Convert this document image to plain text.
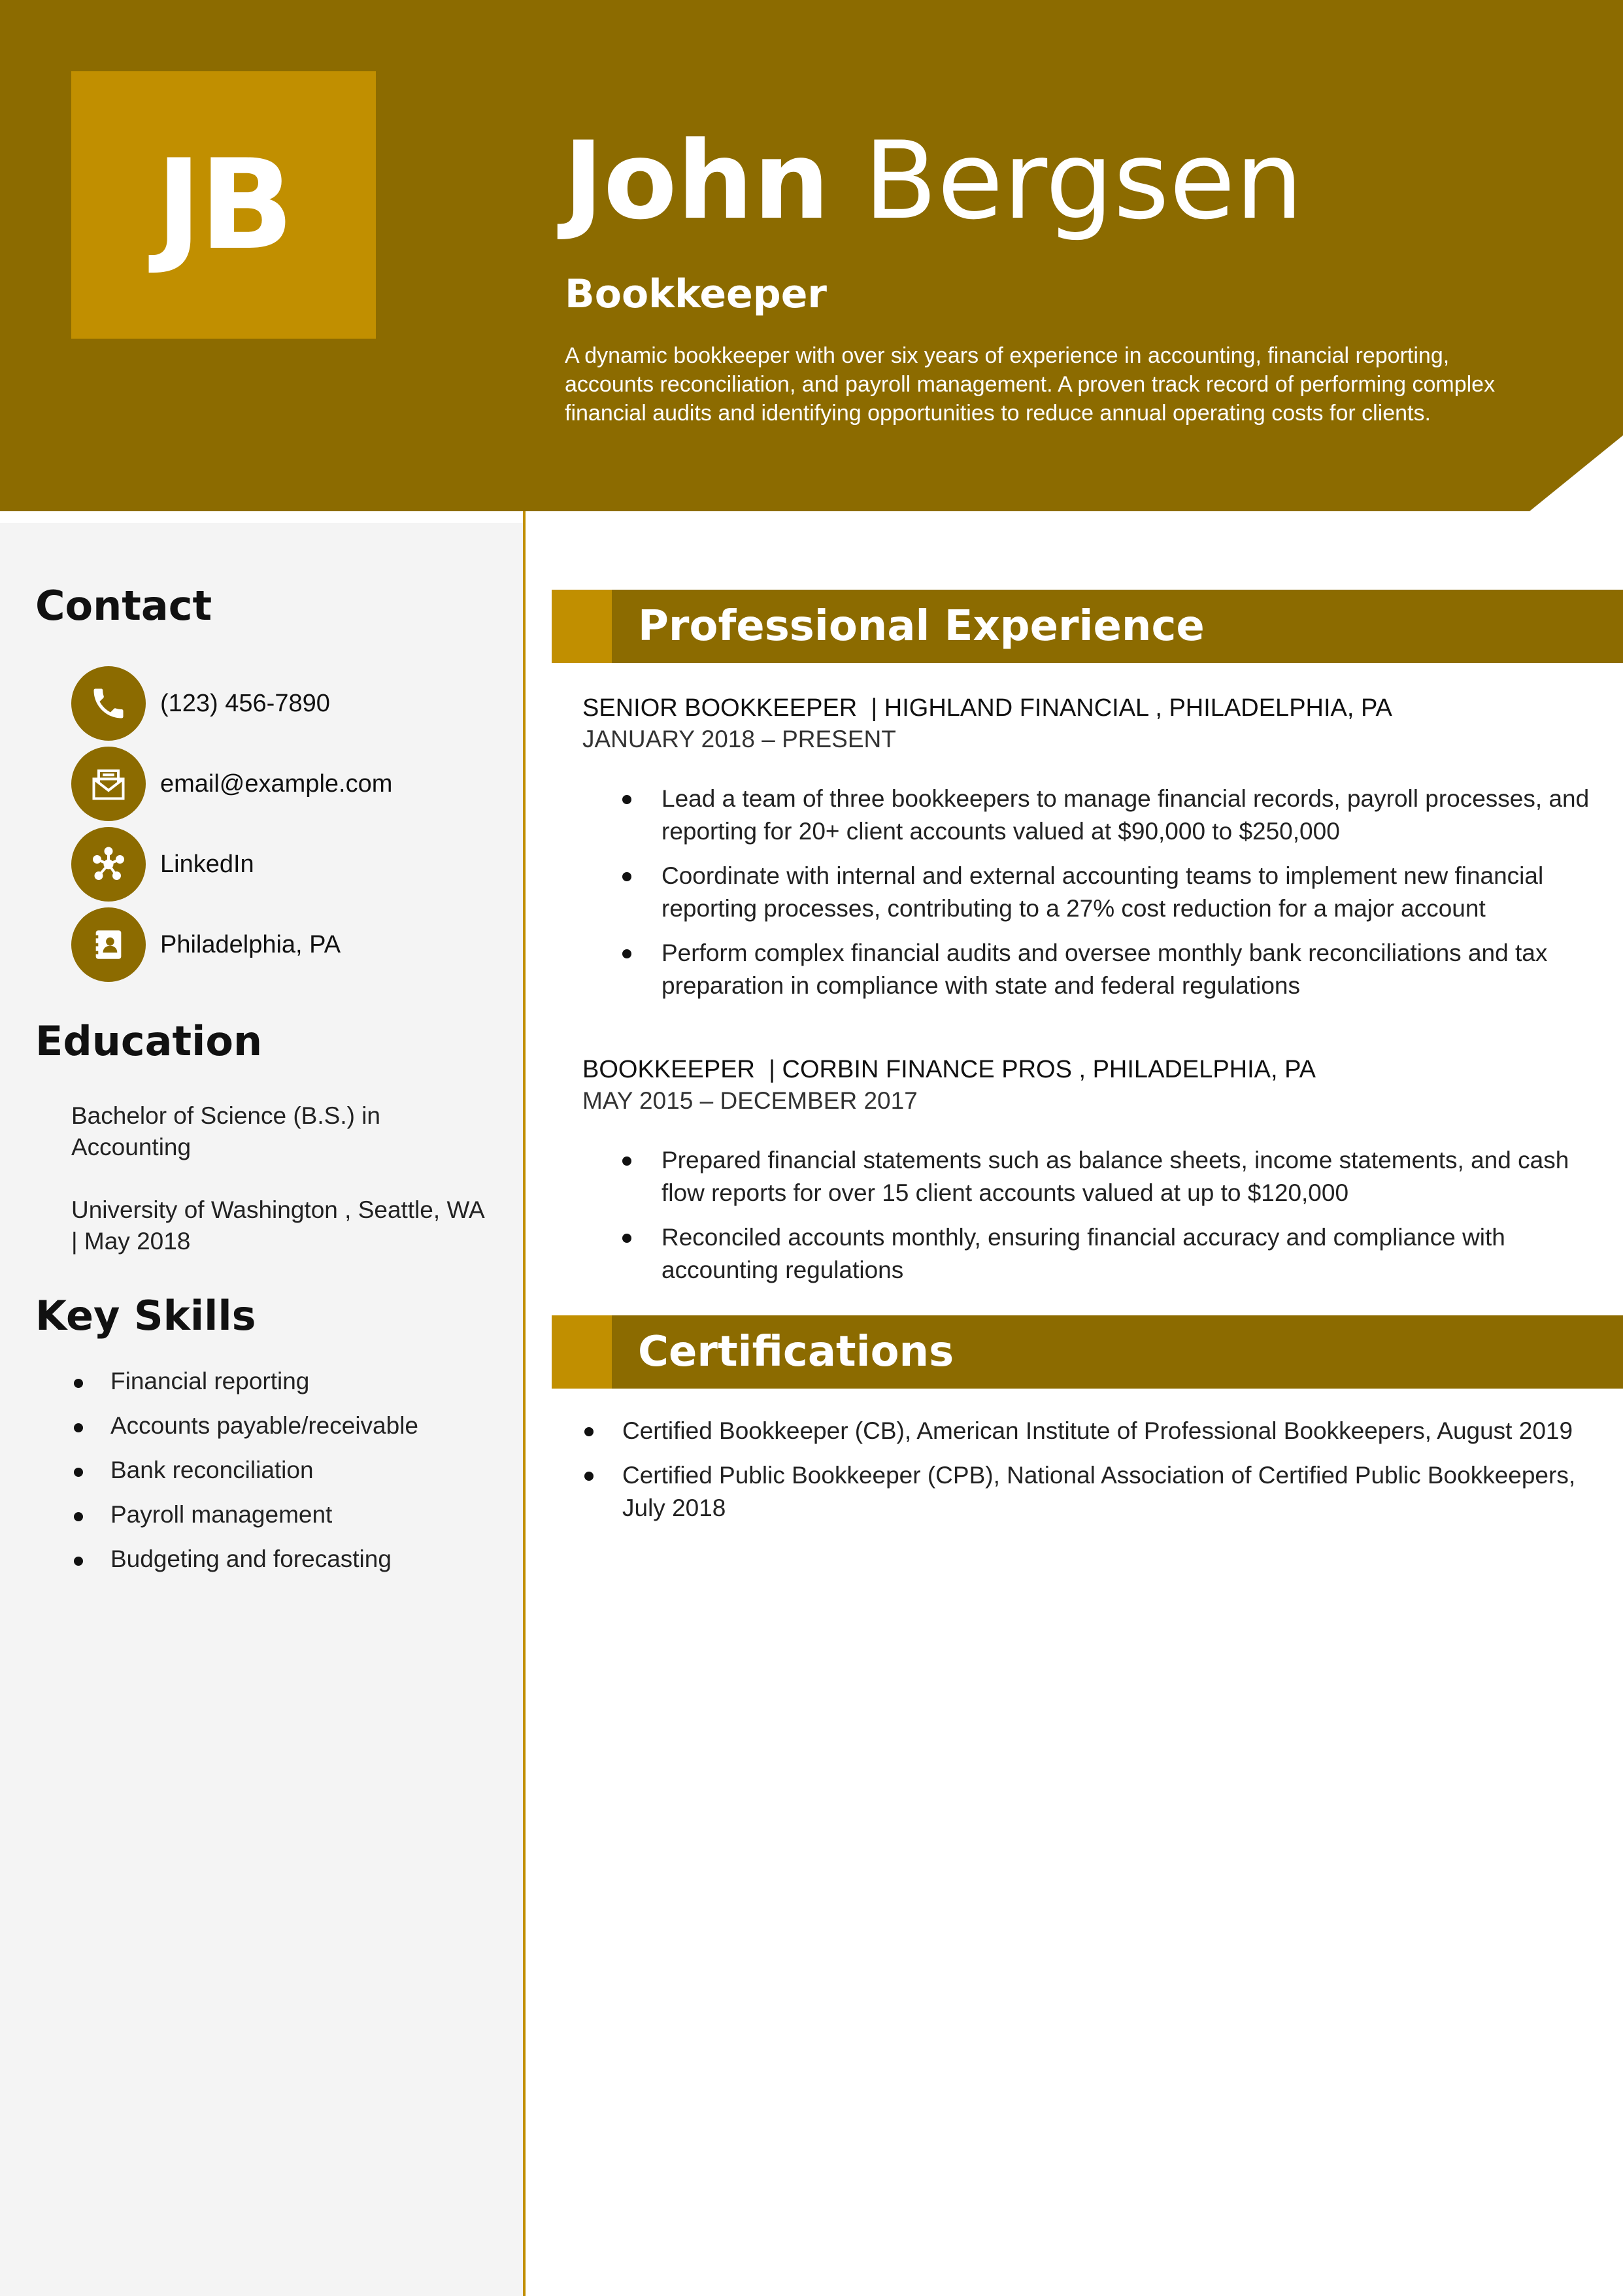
JB	John Bergsen
Bookkeeper
A dynamic bookkeeper with over six years of experience in accounting, financial reporting, accounts reconciliation, and payroll management. A proven track record of performing complex financial audits and identifying opportunities to reduce annual operating costs for clients.
Contact
(123) 456-7890
email@example.com
LinkedIn
Philadelphia, PA
Education
Bachelor of Science (B.S.) in Accounting
University of Washington , Seattle, WA | May 2018
Key Skills
Financial reporting
Accounts payable/receivable
Bank reconciliation
Payroll management
Budgeting and forecasting
Professional Experience
SENIOR BOOKKEEPER  | HIGHLAND FINANCIAL , PHILADELPHIA, PA
JANUARY 2018 – PRESENT
Lead a team of three bookkeepers to manage financial records, payroll processes, and reporting for 20+ client accounts valued at $90,000 to $250,000
Coordinate with internal and external accounting teams to implement new financial reporting processes, contributing to a 27% cost reduction for a major account
Perform complex financial audits and oversee monthly bank reconciliations and tax preparation in compliance with state and federal regulations
BOOKKEEPER  | CORBIN FINANCE PROS , PHILADELPHIA, PA
MAY 2015 – DECEMBER 2017
Prepared financial statements such as balance sheets, income statements, and cash flow reports for over 15 client accounts valued at up to $120,000
Reconciled accounts monthly, ensuring financial accuracy and compliance with accounting regulations
Certifications
Certified Bookkeeper (CB), American Institute of Professional Bookkeepers, August 2019
Certified Public Bookkeeper (CPB), National Association of Certified Public Bookkeepers, July 2018
